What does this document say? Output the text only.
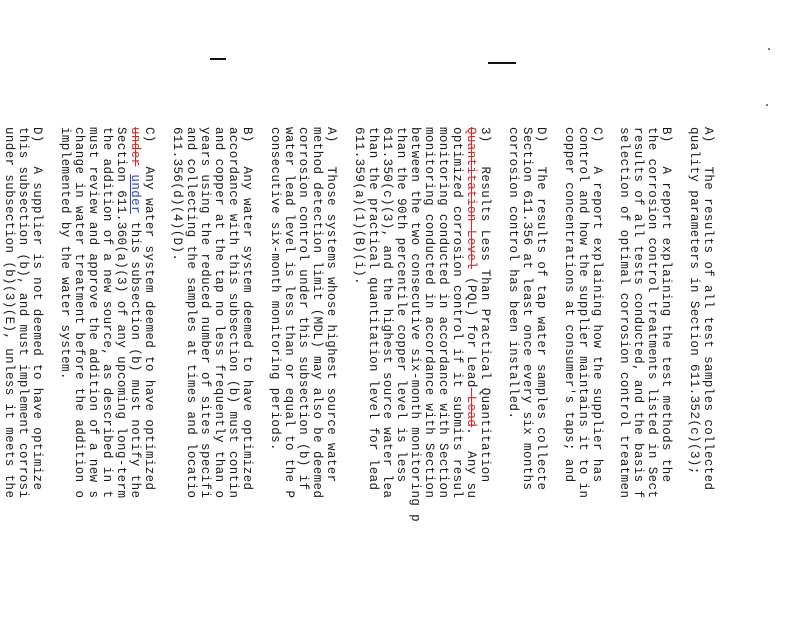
A)   The results of all test samples collected
quality parameters in Section 611.352(c)(3);
B)   A report explaining the test methods the
the corrosion control treatments listed in Sect
results of all tests conducted, and the basis f
selection of optimal corrosion control treatmen
C)   A report explaining how the supplier has
control and how the supplier maintains it to in
copper concentrations at consumer's taps; and
D)   The results of tap water samples collecte
Section 611.356 at least once every six months
corrosion control has been installed.
3)   Results Less Than Practical Quantitation
Quantitation Level (PQL) for Lead Lead.  Any su
optimized corrosion control if it submits resul
monitoring conducted in accordance with Section
monitoring conducted in accordance with Section
between the two consecutive six-month monitoring p
than the 90th percentile copper level is less
611.350(c)(3), and the highest source water lea
than the practical quantitation level for lead
611.359(a)(1)(B)(i).
A)   Those systems whose highest source water
method detection limit (MDL) may also be deemed
corrosion control under this subsection (b) if
water lead level is less than or equal to the P
consecutive six-month monitoring periods.
B)   Any water system deemed to have optimized
accordance with this subsection (b) must contin
and copper at the tap no less frequently than o
years using the reduced number of sites specifi
and collecting the samples at times and locatio
611.356(d)(4)(D).
C)   Any water system deemed to have optimized
under under this subsection (b) must notify the
Section 611.360(a)(3) of any upcoming long-term
the addition of a new source, as described in t
must review and approve the addition of a new s
change in water treatment before the addition o
implemented by the water system.
D)   A supplier is not deemed to have optimize
this subsection (b), and must implement corrosi
under subsection (b)(3)(E), unless it meets the
